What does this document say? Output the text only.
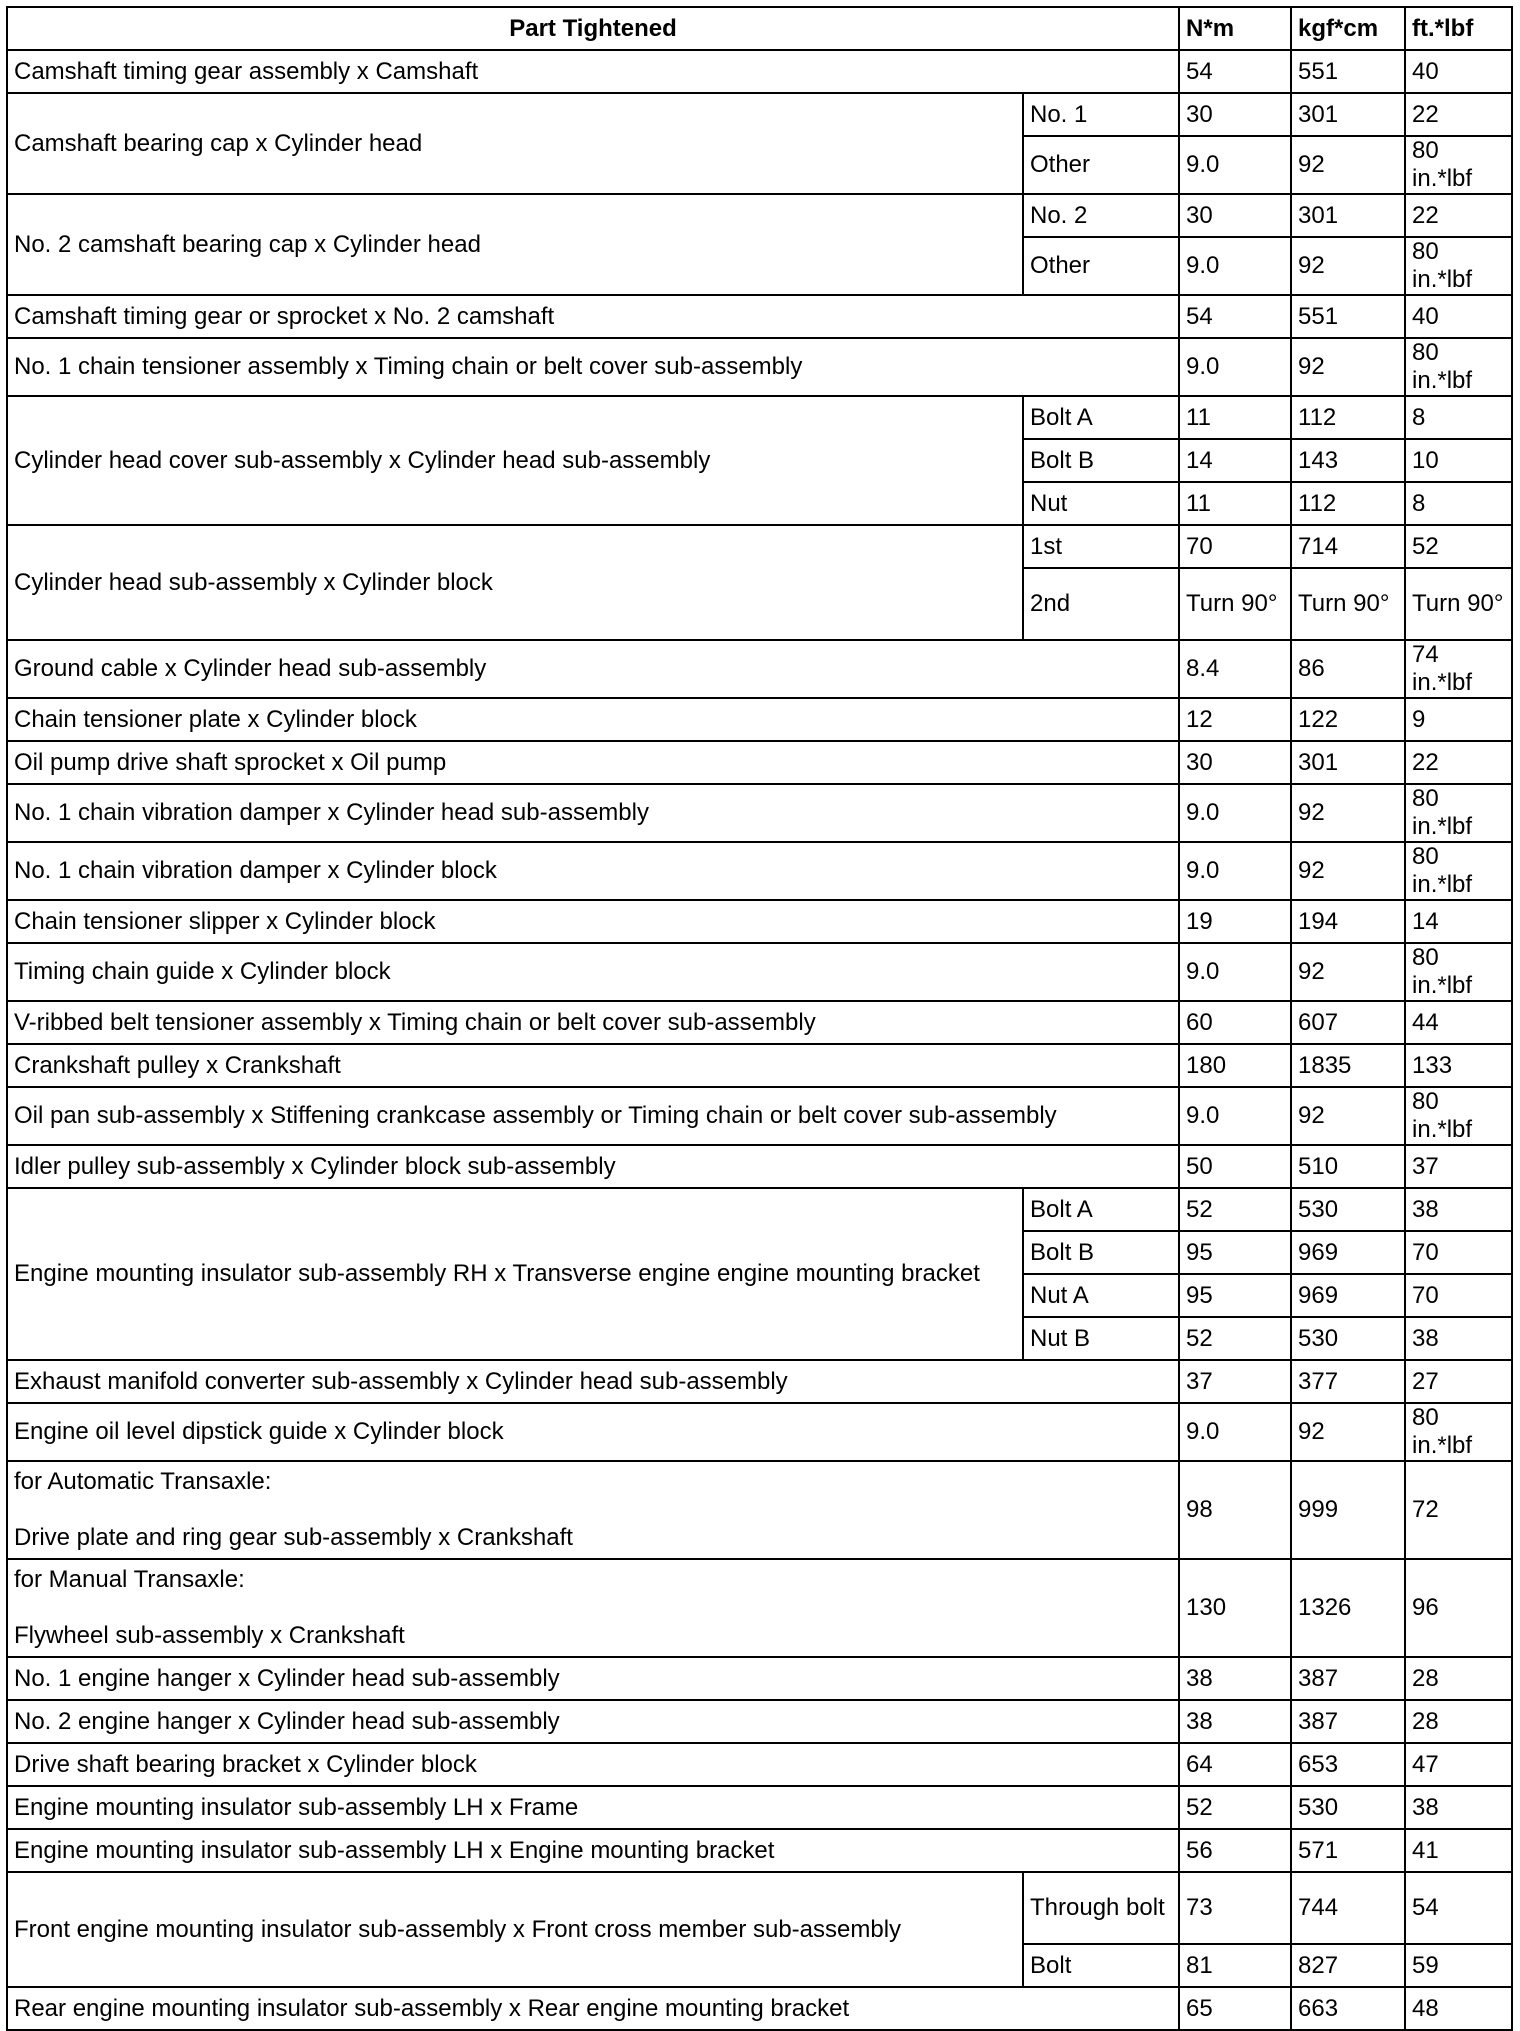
Part Tightened		N*m	kgf*cm	ft.*lbf
Camshaft timing gear assembly x Camshaft		54	551	40
Camshaft bearing cap x Cylinder head	No. 1	30	301	22
	Other	9.0	92	80 in.*lbf
No. 2 camshaft bearing cap x Cylinder head	No. 2	30	301	22
	Other	9.0	92	80 in.*lbf
Camshaft timing gear or sprocket x No. 2 camshaft		54	551	40
No. 1 chain tensioner assembly x Timing chain or belt cover sub-assembly		9.0	92	80 in.*lbf
Cylinder head cover sub-assembly x Cylinder head sub-assembly	Bolt A	11	112	8
	Bolt B	14	143	10
	Nut	11	112	8
Cylinder head sub-assembly x Cylinder block	1st	70	714	52
	2nd	Turn 90°	Turn 90°	Turn 90°
Ground cable x Cylinder head sub-assembly		8.4	86	74 in.*lbf
Chain tensioner plate x Cylinder block		12	122	9
Oil pump drive shaft sprocket x Oil pump		30	301	22
No. 1 chain vibration damper x Cylinder head sub-assembly		9.0	92	80 in.*lbf
No. 1 chain vibration damper x Cylinder block		9.0	92	80 in.*lbf
Chain tensioner slipper x Cylinder block		19	194	14
Timing chain guide x Cylinder block		9.0	92	80 in.*lbf
V-ribbed belt tensioner assembly x Timing chain or belt cover sub-assembly		60	607	44
Crankshaft pulley x Crankshaft		180	1835	133
Oil pan sub-assembly x Stiffening crankcase assembly or Timing chain or belt cover sub-assembly		9.0	92	80 in.*lbf
Idler pulley sub-assembly x Cylinder block sub-assembly		50	510	37
Engine mounting insulator sub-assembly RH x Transverse engine engine mounting bracket	Bolt A	52	530	38
	Bolt B	95	969	70
	Nut A	95	969	70
	Nut B	52	530	38
Exhaust manifold converter sub-assembly x Cylinder head sub-assembly		37	377	27
Engine oil level dipstick guide x Cylinder block		9.0	92	80 in.*lbf

for Automatic Transaxle:
Drive plate and ring gear sub-assembly x Crankshaft		98	999	72

for Manual Transaxle:
Flywheel sub-assembly x Crankshaft		130	1326	96
No. 1 engine hanger x Cylinder head sub-assembly		38	387	28
No. 2 engine hanger x Cylinder head sub-assembly		38	387	28
Drive shaft bearing bracket x Cylinder block		64	653	47
Engine mounting insulator sub-assembly LH x Frame		52	530	38
Engine mounting insulator sub-assembly LH x Engine mounting bracket		56	571	41
Front engine mounting insulator sub-assembly x Front cross member sub-assembly	Through bolt	73	744	54
	Bolt	81	827	59
Rear engine mounting insulator sub-assembly x Rear engine mounting bracket		65	663	48
